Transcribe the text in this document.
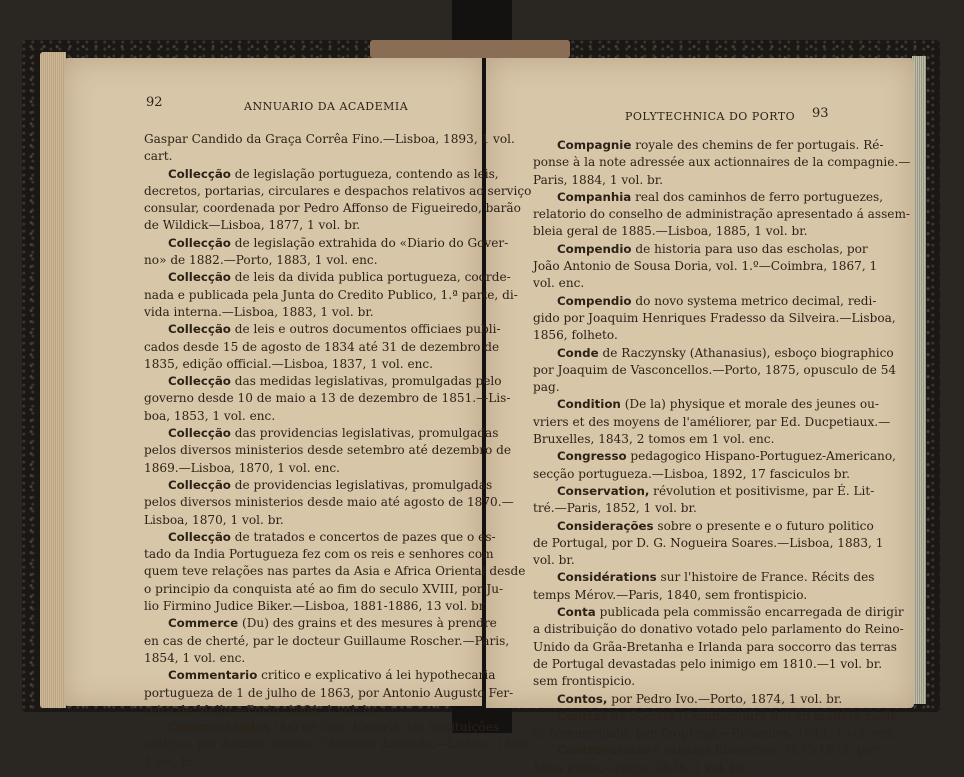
92	ANNUARIO DA ACADEMIA
POLYTECHNICA DO PORTO 93

Gaspar Candido da Graça Corrêa Fino.—Lisboa, 1893, 1 vol.

cart.

Collecção de legislação portugueza, contendo as leis,

decretos, portarias, circulares e despachos relativos ao serviço

consular, coordenada por Pedro Affonso de Figueiredo, barão

de Wildick—Lisboa, 1877, 1 vol. br.

Collecção de legislação extrahida do «Diario do Gover-

no» de 1882.—Porto, 1883, 1 vol. enc.

Collecção de leis da divida publica portugueza, coorde-

nada e publicada pela Junta do Credito Publico, 1.ª parte, di-

vida interna.—Lisboa, 1883, 1 vol. br.

Collecção de leis e outros documentos officiaes publi-

cados desde 15 de agosto de 1834 até 31 de dezembro de

1835, edição official.—Lisboa, 1837, 1 vol. enc.

Collecção das medidas legislativas, promulgadas pelo

governo desde 10 de maio a 13 de dezembro de 1851.—Lis-

boa, 1853, 1 vol. enc.

Collecção das providencias legislativas, promulgadas

pelos diversos ministerios desde setembro até dezembro de

1869.—Lisboa, 1870, 1 vol. enc.

Collecção de providencias legislativas, promulgadas

pelos diversos ministerios desde maio até agosto de 1870.—

Lisboa, 1870, 1 vol. br.

Collecção de tratados e concertos de pazes que o es-

tado da India Portugueza fez com os reis e senhores com

quem teve relações nas partes da Asia e Africa Oriental desde

o principio da conquista até ao fim do seculo XVIII, por Ju-

lio Firmino Judice Biker.—Lisboa, 1881-1886, 13 vol. br.

Commerce (Du) des grains et des mesures à prendre

en cas de cherté, par le docteur Guillaume Roscher.—Paris,

1854, 1 vol. enc.

Commentario critico e explicativo á lei hypothecaria

portugueza de 1 de julho de 1863, por Antonio Augusto Fer-

reira de Mello.—Porto, 1864, 1 vol. br.

Communidades (As) de Goa, historia das instituições

antigas, por Antonio Emilio d'Almeida Azevedo.—Lisboa, 1890,

1 vol. br.

Compagnie royale des chemins de fer portugais. Ré-

ponse à la note adressée aux actionnaires de la compagnie.—

Paris, 1884, 1 vol. br.

Companhia real dos caminhos de ferro portuguezes,

relatorio do conselho de administração apresentado á assem-

bleia geral de 1885.—Lisboa, 1885, 1 vol. br.

Compendio de historia para uso das escholas, por

João Antonio de Sousa Doria, vol. 1.º—Coimbra, 1867, 1

vol. enc.

Compendio do novo systema metrico decimal, redi-

gido por Joaquim Henriques Fradesso da Silveira.—Lisboa,

1856, folheto.

Conde de Raczynsky (Athanasius), esboço biographico

por Joaquim de Vasconcellos.—Porto, 1875, opusculo de 54

pag.

Condition (De la) physique et morale des jeunes ou-

vriers et des moyens de l'améliorer, par Ed. Ducpetiaux.—

Bruxelles, 1843, 2 tomos em 1 vol. enc.

Congresso pedagogico Hispano-Portuguez-Americano,

secção portugueza.—Lisboa, 1892, 17 fasciculos br.

Conservation, révolution et positivisme, par É. Lit-

tré.—Paris, 1852, 1 vol. br.

Considerações sobre o presente e o futuro politico

de Portugal, por D. G. Nogueira Soares.—Lisboa, 1883, 1

vol. br.

Considérations sur l'histoire de France. Récits des

temps Mérov.—Paris, 1840, sem frontispicio.

Conta publicada pela commissão encarregada de dirigir

a distribuição do donativo votado pelo parlamento do Reino-

Unido da Grãa-Bretanha e Irlanda para soccorro das terras

de Portugal devastadas pelo inimigo em 1810.—1 vol. br.

sem frontispicio.

Contos, por Pedro Ivo.—Porto, 1874, 1 vol. br.

Contrat de Société (Commentaire du) en matière civile

et commerciale, par Troplong.—Bruxelles, 1843, 1 vol. enc.

Controversias e estudos litterarios, 1875-1878, por

Silva Pinto.—Porto, 1878, 1 vol. br.
